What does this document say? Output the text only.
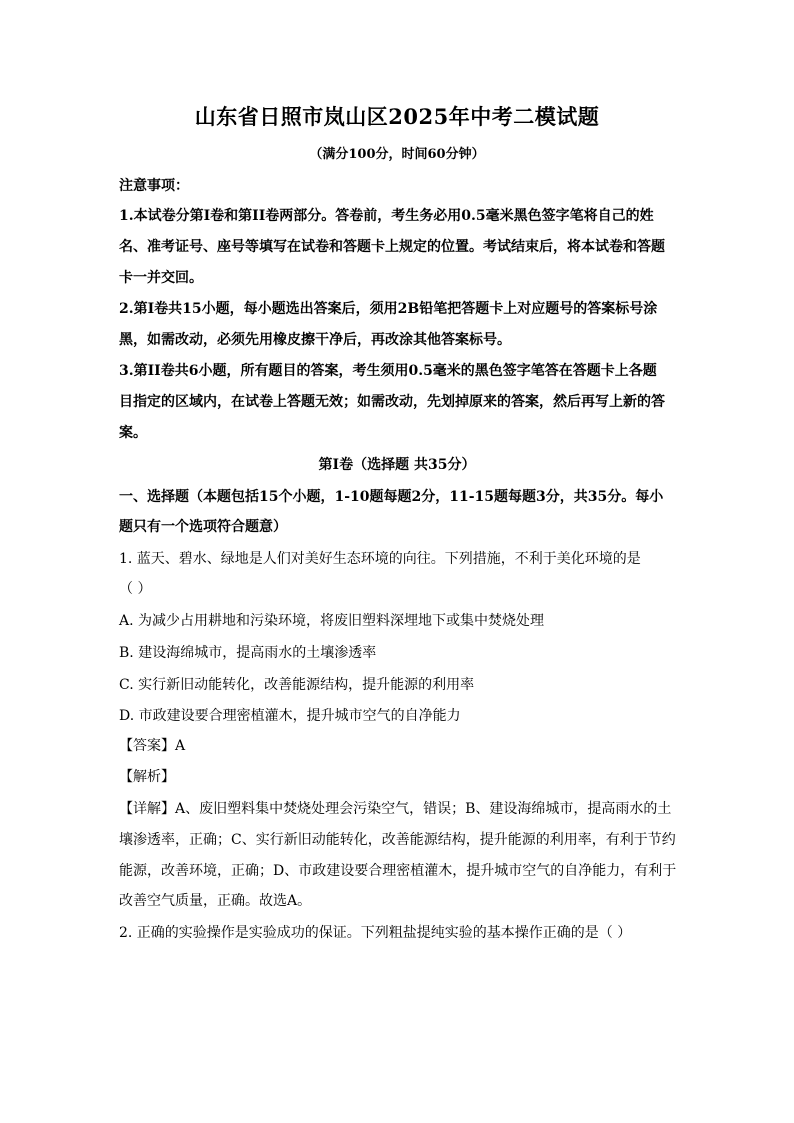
山东省日照市岚山区2025年中考二模试题
（满分100分，时间60分钟）
注意事项：
1.本试卷分第I卷和第II卷两部分。答卷前，考生务必用0.5毫米黑色签字笔将自己的姓
名、准考证号、座号等填写在试卷和答题卡上规定的位置。考试结束后，将本试卷和答题
卡一并交回。
2.第I卷共15小题，每小题选出答案后，须用2B铅笔把答题卡上对应题号的答案标号涂
黑，如需改动，必须先用橡皮擦干净后，再改涂其他答案标号。
3.第II卷共6小题，所有题目的答案，考生须用0.5毫米的黑色签字笔答在答题卡上各题
目指定的区域内，在试卷上答题无效；如需改动，先划掉原来的答案，然后再写上新的答
案。
第I卷（选择题 共35分）
一、选择题（本题包括15个小题，1-10题每题2分，11-15题每题3分，共35分。每小
题只有一个选项符合题意）
1. 蓝天、碧水、绿地是人们对美好生态环境的向往。下列措施，不利于美化环境的是
（ ）
A. 为减少占用耕地和污染环境，将废旧塑料深埋地下或集中焚烧处理
B. 建设海绵城市，提高雨水的土壤渗透率
C. 实行新旧动能转化，改善能源结构，提升能源的利用率
D. 市政建设要合理密植灌木，提升城市空气的自净能力
【答案】A
【解析】
【详解】A、废旧塑料集中焚烧处理会污染空气，错误；B、建设海绵城市，提高雨水的土
壤渗透率，正确；C、实行新旧动能转化，改善能源结构，提升能源的利用率，有利于节约
能源，改善环境，正确；D、市政建设要合理密植灌木，提升城市空气的自净能力，有利于
改善空气质量，正确。故选A。
2. 正确的实验操作是实验成功的保证。下列粗盐提纯实验的基本操作正确的是（ ）
